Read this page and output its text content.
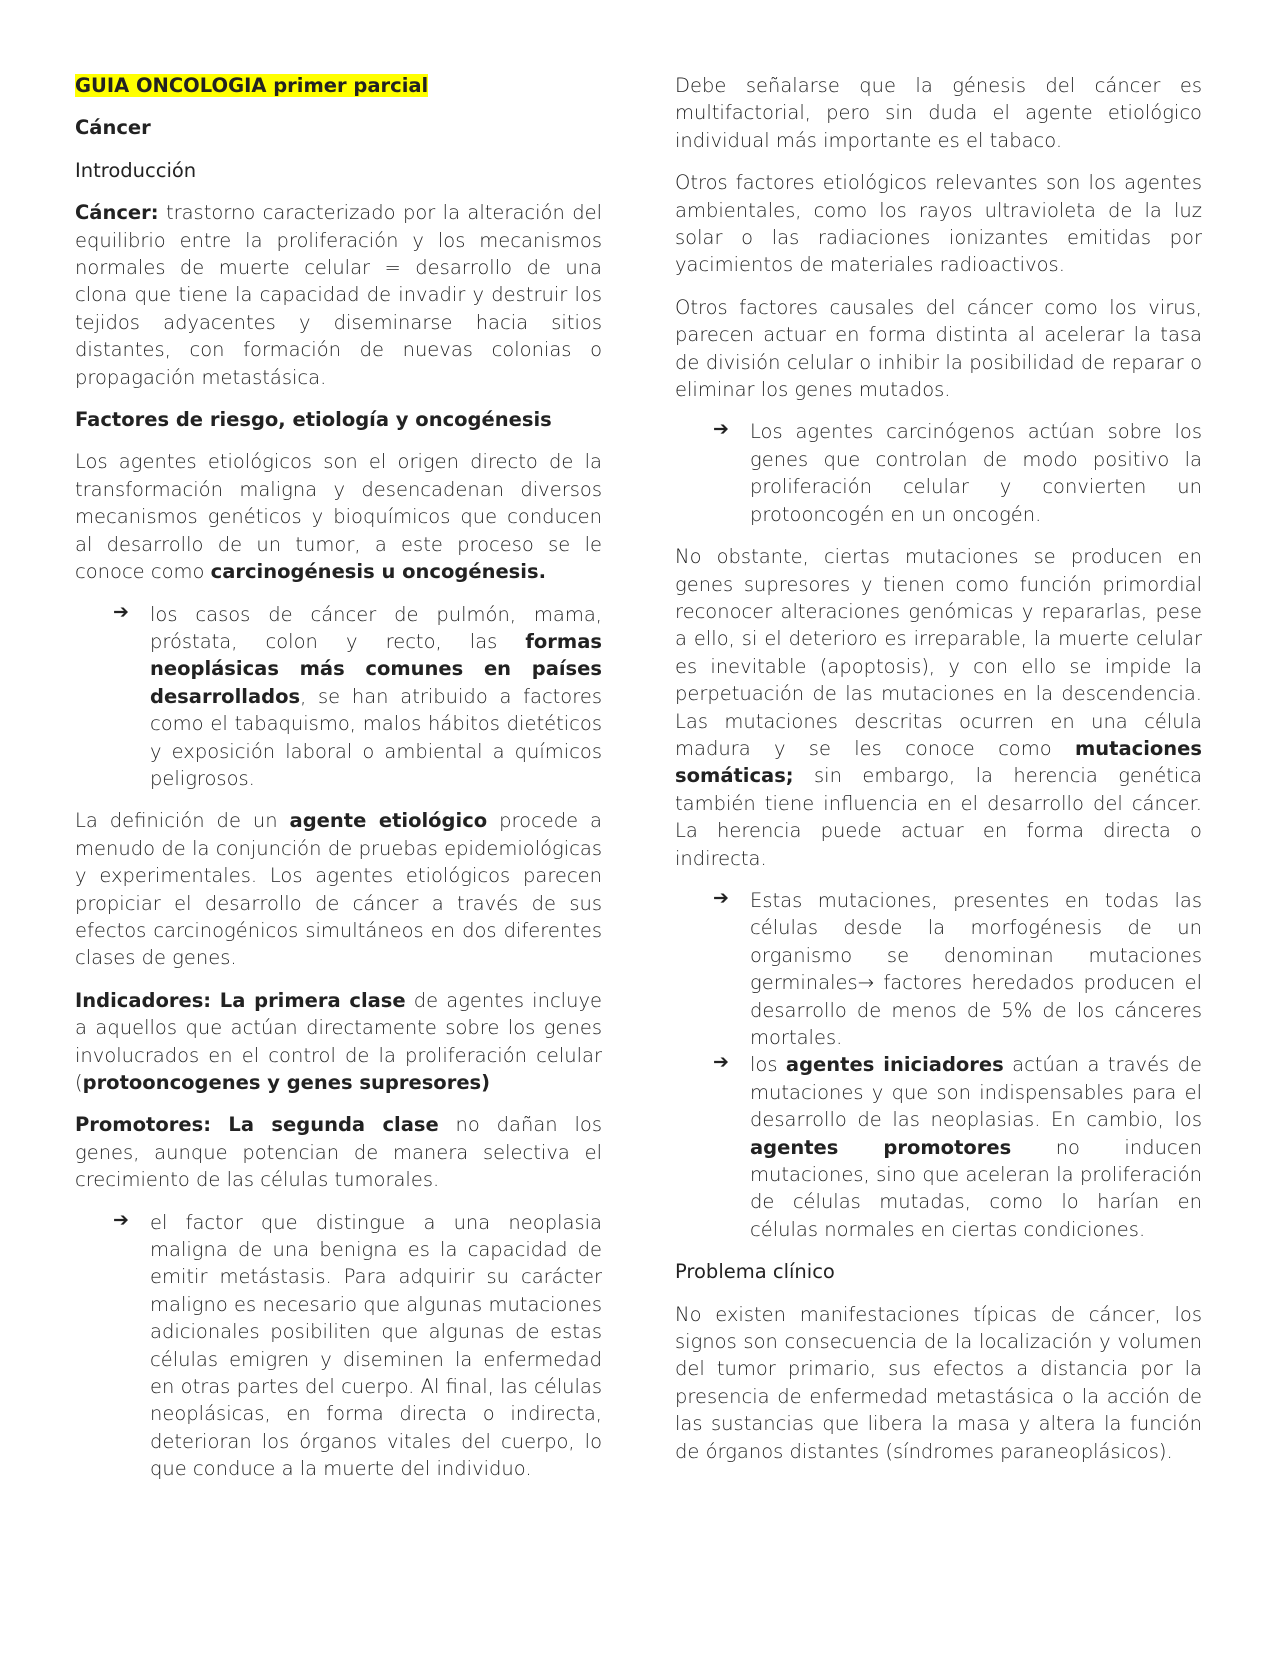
GUIA ONCOLOGIA primer parcial
Cáncer
Introducción

Cáncer: trastorno caracterizado por la alteración del equilibrio entre la proliferación y los mecanismos normales de muerte celular = desarrollo de una clona que tiene la capacidad de invadir y destruir los tejidos adyacentes y diseminarse hacia sitios distantes, con formación de nuevas colonias o propagación metastásica.

Factores de riesgo, etiología y oncogénesis

Los agentes etiológicos son el origen directo de la transformación maligna y desencadenan diversos mecanismos genéticos y bioquímicos que conducen al desarrollo de un tumor, a este proceso se le conoce como carcinogénesis u oncogénesis.

➔ los casos de cáncer de pulmón, mama, próstata, colon y recto, las formas neoplásicas más comunes en países desarrollados, se han atribuido a factores como el tabaquismo, malos hábitos dietéticos y exposición laboral o ambiental a químicos peligrosos.

La definición de un agente etiológico procede a menudo de la conjunción de pruebas epidemiológicas y experimentales. Los agentes etiológicos parecen propiciar el desarrollo de cáncer a través de sus efectos carcinogénicos simultáneos en dos diferentes clases de genes.

Indicadores: La primera clase de agentes incluye a aquellos que actúan directamente sobre los genes involucrados en el control de la proliferación celular (protooncogenes y genes supresores)

Promotores: La segunda clase no dañan los genes, aunque potencian de manera selectiva el crecimiento de las células tumorales.

➔ el factor que distingue a una neoplasia maligna de una benigna es la capacidad de emitir metástasis. Para adquirir su carácter maligno es necesario que algunas mutaciones adicionales posibiliten que algunas de estas células emigren y diseminen la enfermedad en otras partes del cuerpo. Al final, las células neoplásicas, en forma directa o indirecta, deterioran los órganos vitales del cuerpo, lo que conduce a la muerte del individuo.

Debe señalarse que la génesis del cáncer es multifactorial, pero sin duda el agente etiológico individual más importante es el tabaco.

Otros factores etiológicos relevantes son los agentes ambientales, como los rayos ultravioleta de la luz solar o las radiaciones ionizantes emitidas por yacimientos de materiales radioactivos.

Otros factores causales del cáncer como los virus, parecen actuar en forma distinta al acelerar la tasa de división celular o inhibir la posibilidad de reparar o eliminar los genes mutados.

➔ Los agentes carcinógenos actúan sobre los genes que controlan de modo positivo la proliferación celular y convierten un protooncogén en un oncogén.

No obstante, ciertas mutaciones se producen en genes supresores y tienen como función primordial reconocer alteraciones genómicas y repararlas, pese a ello, si el deterioro es irreparable, la muerte celular es inevitable (apoptosis), y con ello se impide la perpetuación de las mutaciones en la descendencia. Las mutaciones descritas ocurren en una célula madura y se les conoce como mutaciones somáticas; sin embargo, la herencia genética también tiene influencia en el desarrollo del cáncer. La herencia puede actuar en forma directa o indirecta.

➔ Estas mutaciones, presentes en todas las células desde la morfogénesis de un organismo se denominan mutaciones germinales→ factores heredados producen el desarrollo de menos de 5% de los cánceres mortales.

➔ los agentes iniciadores actúan a través de mutaciones y que son indispensables para el desarrollo de las neoplasias. En cambio, los agentes promotores no inducen mutaciones, sino que aceleran la proliferación de células mutadas, como lo harían en células normales en ciertas condiciones.

Problema clínico

No existen manifestaciones típicas de cáncer, los signos son consecuencia de la localización y volumen del tumor primario, sus efectos a distancia por la presencia de enfermedad metastásica o la acción de las sustancias que libera la masa y altera la función de órganos distantes (síndromes paraneoplásicos).
